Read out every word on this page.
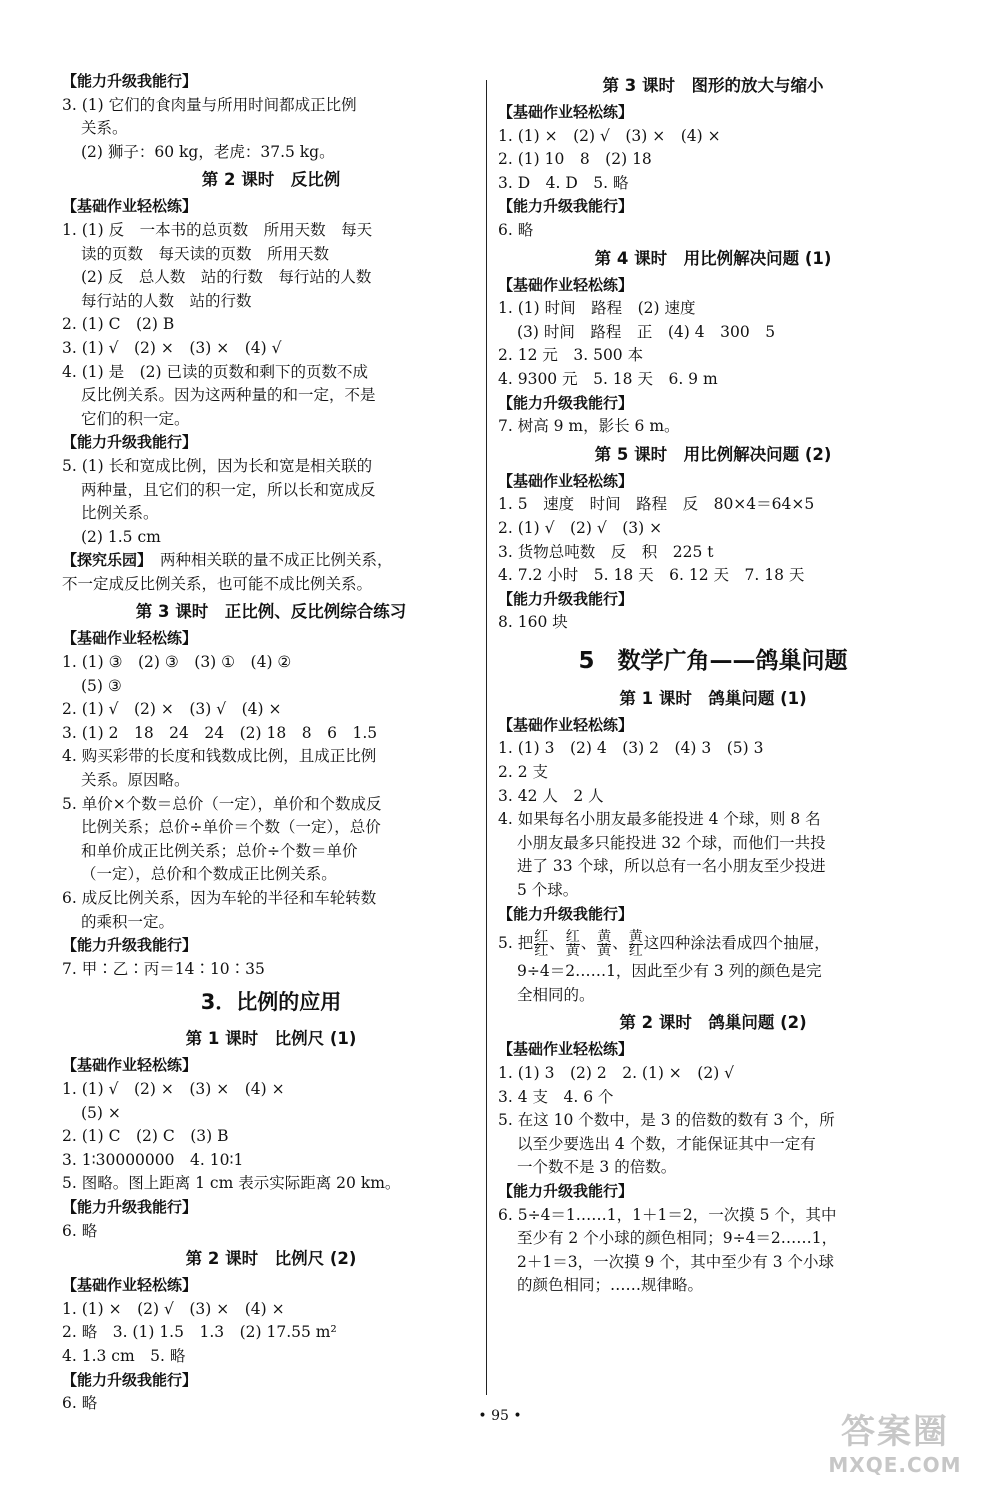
【能力升级我能行】
3. (1) 它们的食肉量与所用时间都成正比例
关系。
(2) 狮子：60 kg，老虎：37.5 kg。
第 2 课时　反比例
【基础作业轻松练】
1. (1) 反　一本书的总页数　所用天数　每天
读的页数　每天读的页数　所用天数
(2) 反　总人数　站的行数　每行站的人数
每行站的人数　站的行数
2. (1) C　(2) B
3. (1) √　(2) ×　(3) ×　(4) √
4. (1) 是　(2) 已读的页数和剩下的页数不成
反比例关系。因为这两种量的和一定，不是
它们的积一定。
【能力升级我能行】
5. (1) 长和宽成比例，因为长和宽是相关联的
两种量，且它们的积一定，所以长和宽成反
比例关系。
(2) 1.5 cm
【探究乐园】　两种相关联的量不成正比例关系，
不一定成反比例关系，也可能不成比例关系。
第 3 课时　正比例、反比例综合练习
【基础作业轻松练】
1. (1) ③　(2) ③　(3) ①　(4) ②
(5) ③
2. (1) √　(2) ×　(3) √　(4) ×
3. (1) 2　18　24　24　(2) 18　8　6　1.5
4. 购买彩带的长度和钱数成比例，且成正比例
关系。原因略。
5. 单价×个数＝总价（一定），单价和个数成反
比例关系；总价÷单价＝个数（一定），总价
和单价成正比例关系；总价÷个数＝单价
（一定），总价和个数成正比例关系。
6. 成反比例关系，因为车轮的半径和车轮转数
的乘积一定。
【能力升级我能行】
7. 甲∶乙∶丙＝14∶10∶35
3．比例的应用
第 1 课时　比例尺 (1)
【基础作业轻松练】
1. (1) √　(2) ×　(3) ×　(4) ×
(5) ×
2. (1) C　(2) C　(3) B
3. 1∶30000000　4. 10∶1
5. 图略。图上距离 1 cm 表示实际距离 20 km。
【能力升级我能行】
6. 略
第 2 课时　比例尺 (2)
【基础作业轻松练】
1. (1) ×　(2) √　(3) ×　(4) ×
2. 略　3. (1) 1.5　1.3　(2) 17.55 m²
4. 1.3 cm　5. 略
【能力升级我能行】
6. 略
第 3 课时　图形的放大与缩小
【基础作业轻松练】
1. (1) ×　(2) √　(3) ×　(4) ×
2. (1) 10　8　(2) 18
3. D　4. D　5. 略
【能力升级我能行】
6. 略
第 4 课时　用比例解决问题 (1)
【基础作业轻松练】
1. (1) 时间　路程　(2) 速度
(3) 时间　路程　正　(4) 4　300　5
2. 12 元　3. 500 本
4. 9300 元　5. 18 天　6. 9 m
【能力升级我能行】
7. 树高 9 m，影长 6 m。
第 5 课时　用比例解决问题 (2)
【基础作业轻松练】
1. 5　速度　时间　路程　反　80×4＝64×5
2. (1) √　(2) √　(3) ×
3. 货物总吨数　反　积　225 t
4. 7.2 小时　5. 18 天　6. 12 天　7. 18 天
【能力升级我能行】
8. 160 块
5　数学广角——鸽巢问题
第 1 课时　鸽巢问题 (1)
【基础作业轻松练】
1. (1) 3　(2) 4　(3) 2　(4) 3　(5) 3
2. 2 支
3. 42 人　2 人
4. 如果每名小朋友最多能投进 4 个球，则 8 名
小朋友最多只能投进 32 个球，而他们一共投
进了 33 个球，所以总有一名小朋友至少投进
5 个球。
【能力升级我能行】
5. 把 红
红 、 红
黄 、 黄
黄 、 黄
红 这四种涂法看成四个抽屉，
9÷4＝2……1，因此至少有 3 列的颜色是完
全相同的。
第 2 课时　鸽巢问题 (2)
【基础作业轻松练】
1. (1) 3　(2) 2　2. (1) ×　(2) √
3. 4 支　4. 6 个
5. 在这 10 个数中，是 3 的倍数的数有 3 个，所
以至少要选出 4 个数，才能保证其中一定有
一个数不是 3 的倍数。
【能力升级我能行】
6. 5÷4＝1……1，1＋1＝2，一次摸 5 个，其中
至少有 2 个小球的颜色相同；9÷4＝2……1，
2＋1＝3，一次摸 9 个，其中至少有 3 个小球
的颜色相同；……规律略。
• 95 •	答案圈
MXQE.COM
